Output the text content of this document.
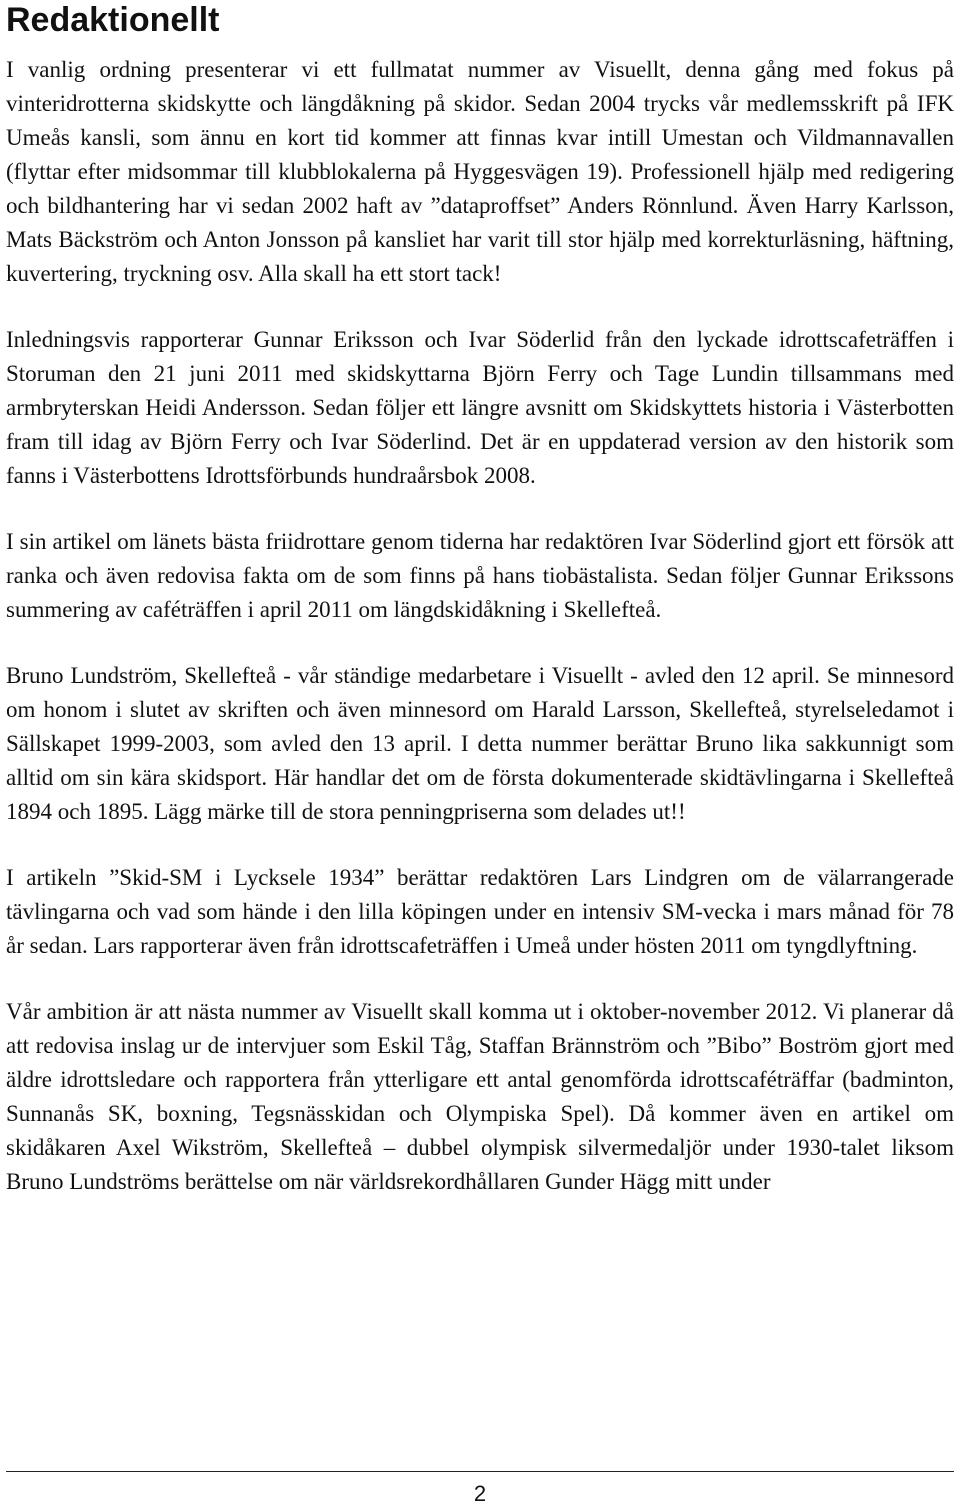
Redaktionellt

I vanlig ordning presenterar vi ett fullmatat nummer av Visuellt, denna gång med fokus på vinteridrotterna skidskytte och längdåkning på skidor. Sedan 2004 trycks vår medlemsskrift på IFK Umeås kansli, som ännu en kort tid kommer att finnas kvar intill Umestan och Vildmannavallen (flyttar efter midsommar till klubblokalerna på Hyggesvägen 19). Professionell hjälp med redigering och bildhantering har vi sedan 2002 haft av ”dataproffset” Anders Rönnlund. Även Harry Karlsson, Mats Bäckström och Anton Jonsson på kansliet har varit till stor hjälp med korrekturläsning, häftning, kuvertering, tryckning osv. Alla skall ha ett stort tack!

Inledningsvis rapporterar Gunnar Eriksson och Ivar Söderlid från den lyckade idrottscafeträffen i Storuman den 21 juni 2011 med skidskyttarna Björn Ferry och Tage Lundin tillsammans med armbryterskan Heidi Andersson. Sedan följer ett längre avsnitt om Skidskyttets historia i Västerbotten fram till idag av Björn Ferry och Ivar Söderlind. Det är en uppdaterad version av den historik som fanns i Västerbottens Idrottsförbunds hundraårsbok 2008.

I sin artikel om länets bästa friidrottare genom tiderna har redaktören Ivar Söderlind gjort ett försök att ranka och även redovisa fakta om de som finns på hans tiobästalista. Sedan följer Gunnar Erikssons summering av caféträffen i april 2011 om längdskidåkning i Skellefteå.

Bruno Lundström, Skellefteå - vår ständige medarbetare i Visuellt - avled den 12 april. Se minnesord om honom i slutet av skriften och även minnesord om Harald Larsson, Skellefteå, styrelseledamot i Sällskapet 1999-2003, som avled den 13 april. I detta nummer berättar Bruno lika sakkunnigt som alltid om sin kära skidsport. Här handlar det om de första dokumenterade skidtävlingarna i Skellefteå 1894 och 1895. Lägg märke till de stora penningpriserna som delades ut!!

I artikeln ”Skid-SM i Lycksele 1934” berättar redaktören Lars Lindgren om de välarrangerade tävlingarna och vad som hände i den lilla köpingen under en intensiv SM-vecka i mars månad för 78 år sedan. Lars rapporterar även från idrottscafeträffen i Umeå under hösten 2011 om tyngdlyftning.

Vår ambition är att nästa nummer av Visuellt skall komma ut i oktober-november 2012. Vi planerar då att redovisa inslag ur de intervjuer som Eskil Tåg, Staffan Brännström och ”Bibo” Boström gjort med äldre idrottsledare och rapportera från ytterligare ett antal genomförda idrottscaféträffar (badminton, Sunnanås SK, boxning, Tegsnässkidan och Olympiska Spel). Då kommer även en artikel om skidåkaren Axel Wikström, Skellefteå – dubbel olympisk silvermedaljör under 1930-talet liksom Bruno Lundströms berättelse om när världsrekordhållaren Gunder Hägg mitt under

2
